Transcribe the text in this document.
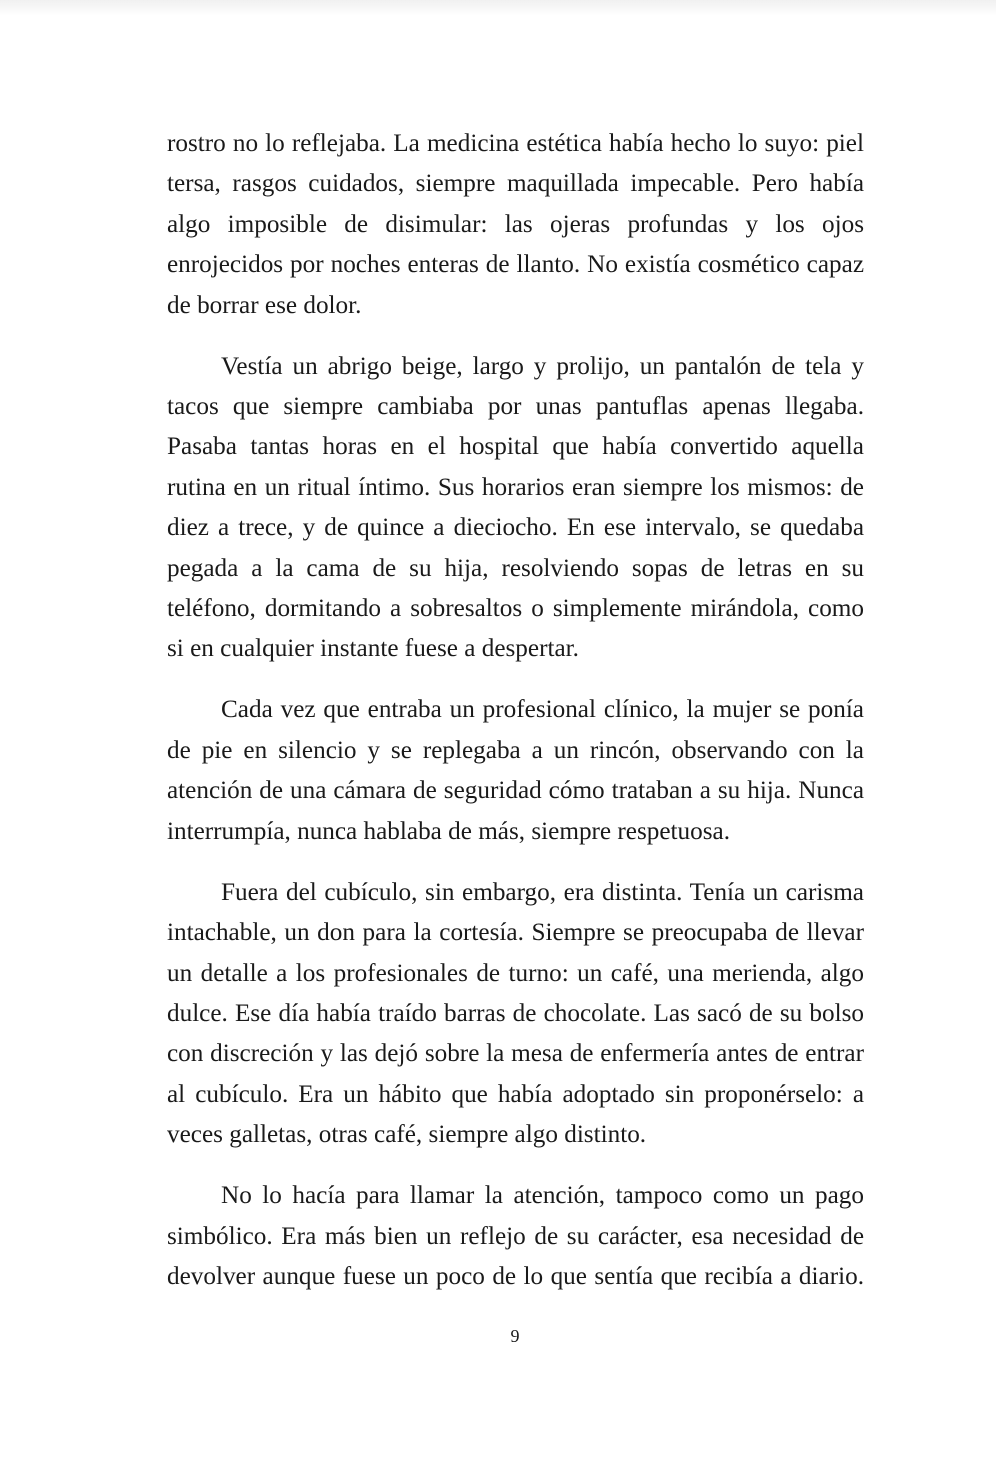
rostro no lo reflejaba. La medicina estética había hecho lo suyo: piel tersa, rasgos cuidados, siempre maquillada impecable. Pero había algo imposible de disimular: las ojeras profundas y los ojos enrojecidos por noches enteras de llanto. No existía cosmético capaz de borrar ese dolor.

Vestía un abrigo beige, largo y prolijo, un pantalón de tela y tacos que siempre cambiaba por unas pantuflas apenas llegaba. Pasaba tantas horas en el hospital que había convertido aquella rutina en un ritual íntimo. Sus horarios eran siempre los mismos: de diez a trece, y de quince a dieciocho. En ese intervalo, se quedaba pegada a la cama de su hija, resolviendo sopas de letras en su teléfono, dormitando a sobresaltos o simplemente mirándola, como si en cualquier instante fuese a despertar.

Cada vez que entraba un profesional clínico, la mujer se ponía de pie en silencio y se replegaba a un rincón, observando con la atención de una cámara de seguridad cómo trataban a su hija. Nunca interrumpía, nunca hablaba de más, siempre respetuosa.

Fuera del cubículo, sin embargo, era distinta. Tenía un carisma intachable, un don para la cortesía. Siempre se preocupaba de llevar un detalle a los profesionales de turno: un café, una merienda, algo dulce. Ese día había traído barras de chocolate. Las sacó de su bolso con discreción y las dejó sobre la mesa de enfermería antes de entrar al cubículo. Era un hábito que había adoptado sin proponérselo: a veces galletas, otras café, siempre algo distinto.

No lo hacía para llamar la atención, tampoco como un pago simbólico. Era más bien un reflejo de su carácter, esa necesidad de devolver aunque fuese un poco de lo que sentía que recibía a diario.

9
